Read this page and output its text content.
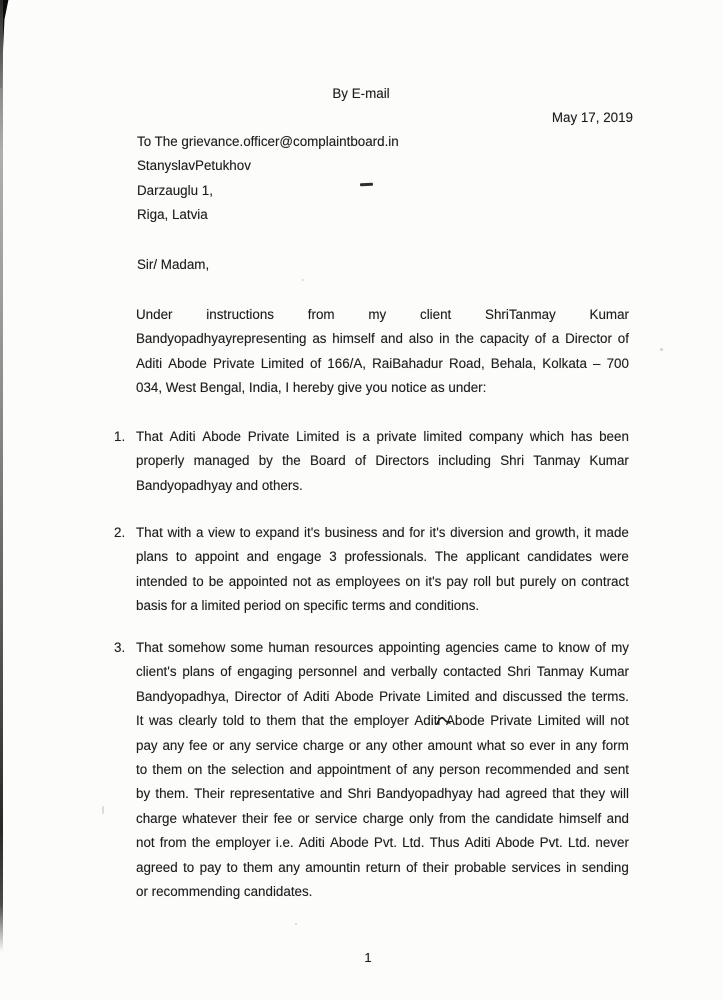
By E-mail
May 17, 2019
To The grievance.officer@complaintboard.in
StanyslavPetukhov
Darzauglu 1,
Riga, Latvia
Sir/ Madam,
Under	instructions	from	my	client	ShriTanmay	Kumar
Bandyopadhyayrepresenting as himself and also in the capacity of a Director of
Aditi Abode Private Limited of 166/A, RaiBahadur Road, Behala, Kolkata – 700
034, West Bengal, India, I hereby give you notice as under:
1. That Aditi Abode Private Limited is a private limited company which has been
properly managed by the Board of Directors including Shri Tanmay Kumar
Bandyopadhyay and others.
2. That with a view to expand it's business and for it's diversion and growth, it made
plans to appoint and engage 3 professionals. The applicant candidates were
intended to be appointed not as employees on it's pay roll but purely on contract
basis for a limited period on specific terms and conditions.
3. That somehow some human resources appointing agencies came to know of my
client's plans of engaging personnel and verbally contacted Shri Tanmay Kumar
Bandyopadhya, Director of Aditi Abode Private Limited and discussed the terms.
It was clearly told to them that the employer Aditi Abode Private Limited will not
pay any fee or any service charge or any other amount what so ever in any form
to them on the selection and appointment of any person recommended and sent
by them. Their representative and Shri Bandyopadhyay had agreed that they will
charge whatever their fee or service charge only from the candidate himself and
not from the employer i.e. Aditi Abode Pvt. Ltd. Thus Aditi Abode Pvt. Ltd. never
agreed to pay to them any amountin return of their probable services in sending
or recommending candidates.
1
